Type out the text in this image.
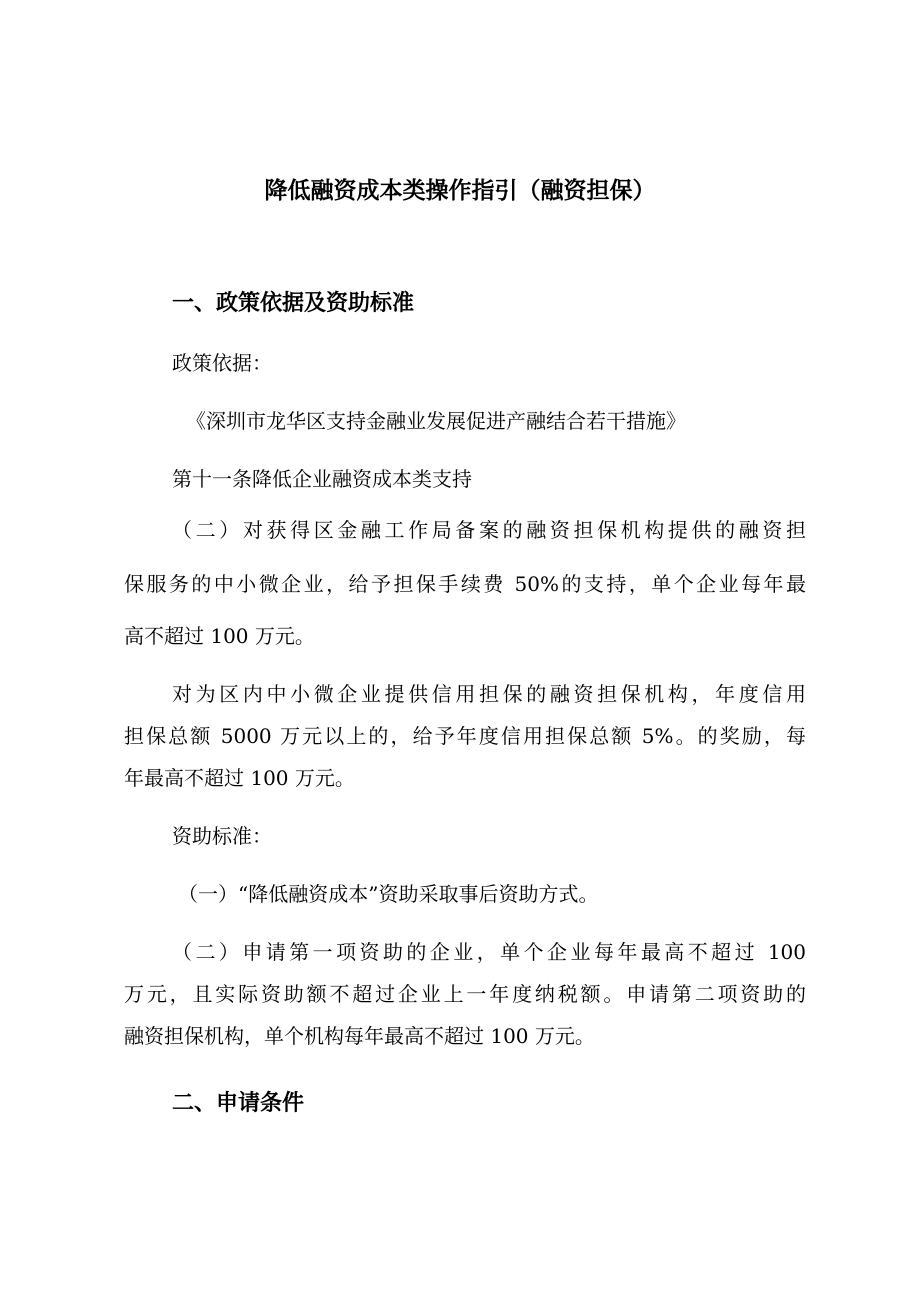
降低融资成本类操作指引（融资担保）
一、政策依据及资助标准
政策依据：
《深圳市龙华区支持金融业发展促进产融结合若干措施》
第十一条降低企业融资成本类支持
（二）对获得区金融工作局备案的融资担保机构提供的融资担
保服务的中小微企业，给予担保手续费 50%的支持，单个企业每年最
高不超过 100 万元。
对为区内中小微企业提供信用担保的融资担保机构，年度信用
担保总额 5000 万元以上的，给予年度信用担保总额 5%。的奖励，每
年最高不超过 100 万元。
资助标准：
（一）“降低融资成本”资助采取事后资助方式。
（二）申请第一项资助的企业，单个企业每年最高不超过 100
万元，且实际资助额不超过企业上一年度纳税额。申请第二项资助的
融资担保机构，单个机构每年最高不超过 100 万元。
二、申请条件
